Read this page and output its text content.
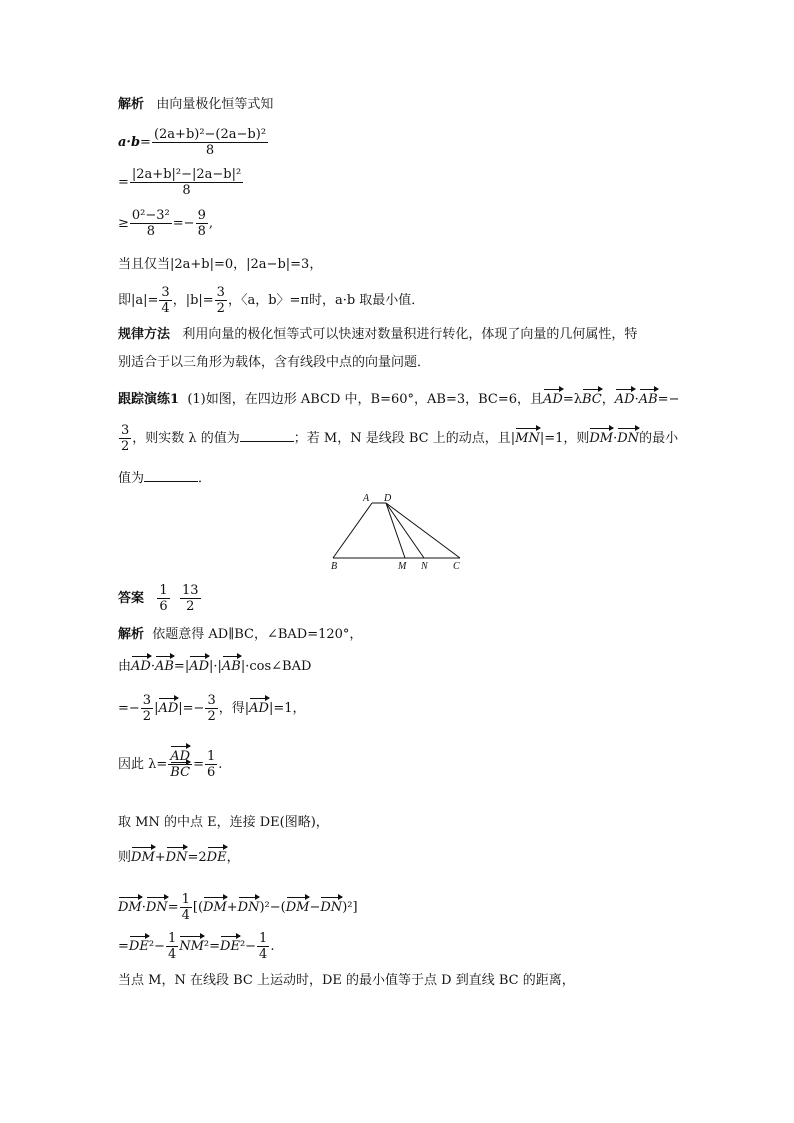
解析 由向量极化恒等式知
$a\cdot b= \frac{\text{(2a+b)²−(2a−b)²}}{8}$
= $\frac{\text{|2a+b|²−|2a−b|²}}{8}$
≥ $\frac{\text{0²−3²}}{8} =- \frac{9}{8}$ ,
当且仅当|2a+b|=0，|2a−b|=3，
即$|a|= \frac{3}{4}$ ，$|b|= \frac{3}{2}$ ，〈a，b〉=π时，a·b 取最小值．
规律方法 利用向量的极化恒等式可以快速对数量积进行转化，体现了向量的几何属性，特
别适合于以三角形为载体，含有线段中点的向量问题．
跟踪演练1 (1)如图，在四边形 ABCD 中，B=60°，AB=3，BC=6，且AD=λBC，AD·AB=−
$\frac{3}{2}$ ，则实数 λ 的值为	；若 M，N 是线段 BC 上的动点，且|MN|=1，则DM·DN的最小
值为	．
A D
B	M N	C
答案 $\frac{1}{6}$
$\frac{13}{2}$
解析 依题意得 AD∥BC，∠BAD=120°，
由AD·AB=|AD|·|AB|·cos∠BAD
=− $\frac{3}{2} |AD|=- \frac{3}{2}$ ，得|AD|=1，
因此 $\lambda= \frac{AD}{BC} = \frac{1}{6}$ .
取 MN 的中点 E，连接 DE(图略)，
则DM+DN=2DE，
$DM\cdot DN= \frac{1}{4} [(DM+DN)^2-(DM-DN)^2]$
$=DE^2- \frac{1}{4} NM^2=DE^2- \frac{1}{4}$ .
当点 M，N 在线段 BC 上运动时，DE 的最小值等于点 D 到直线 BC 的距离，
